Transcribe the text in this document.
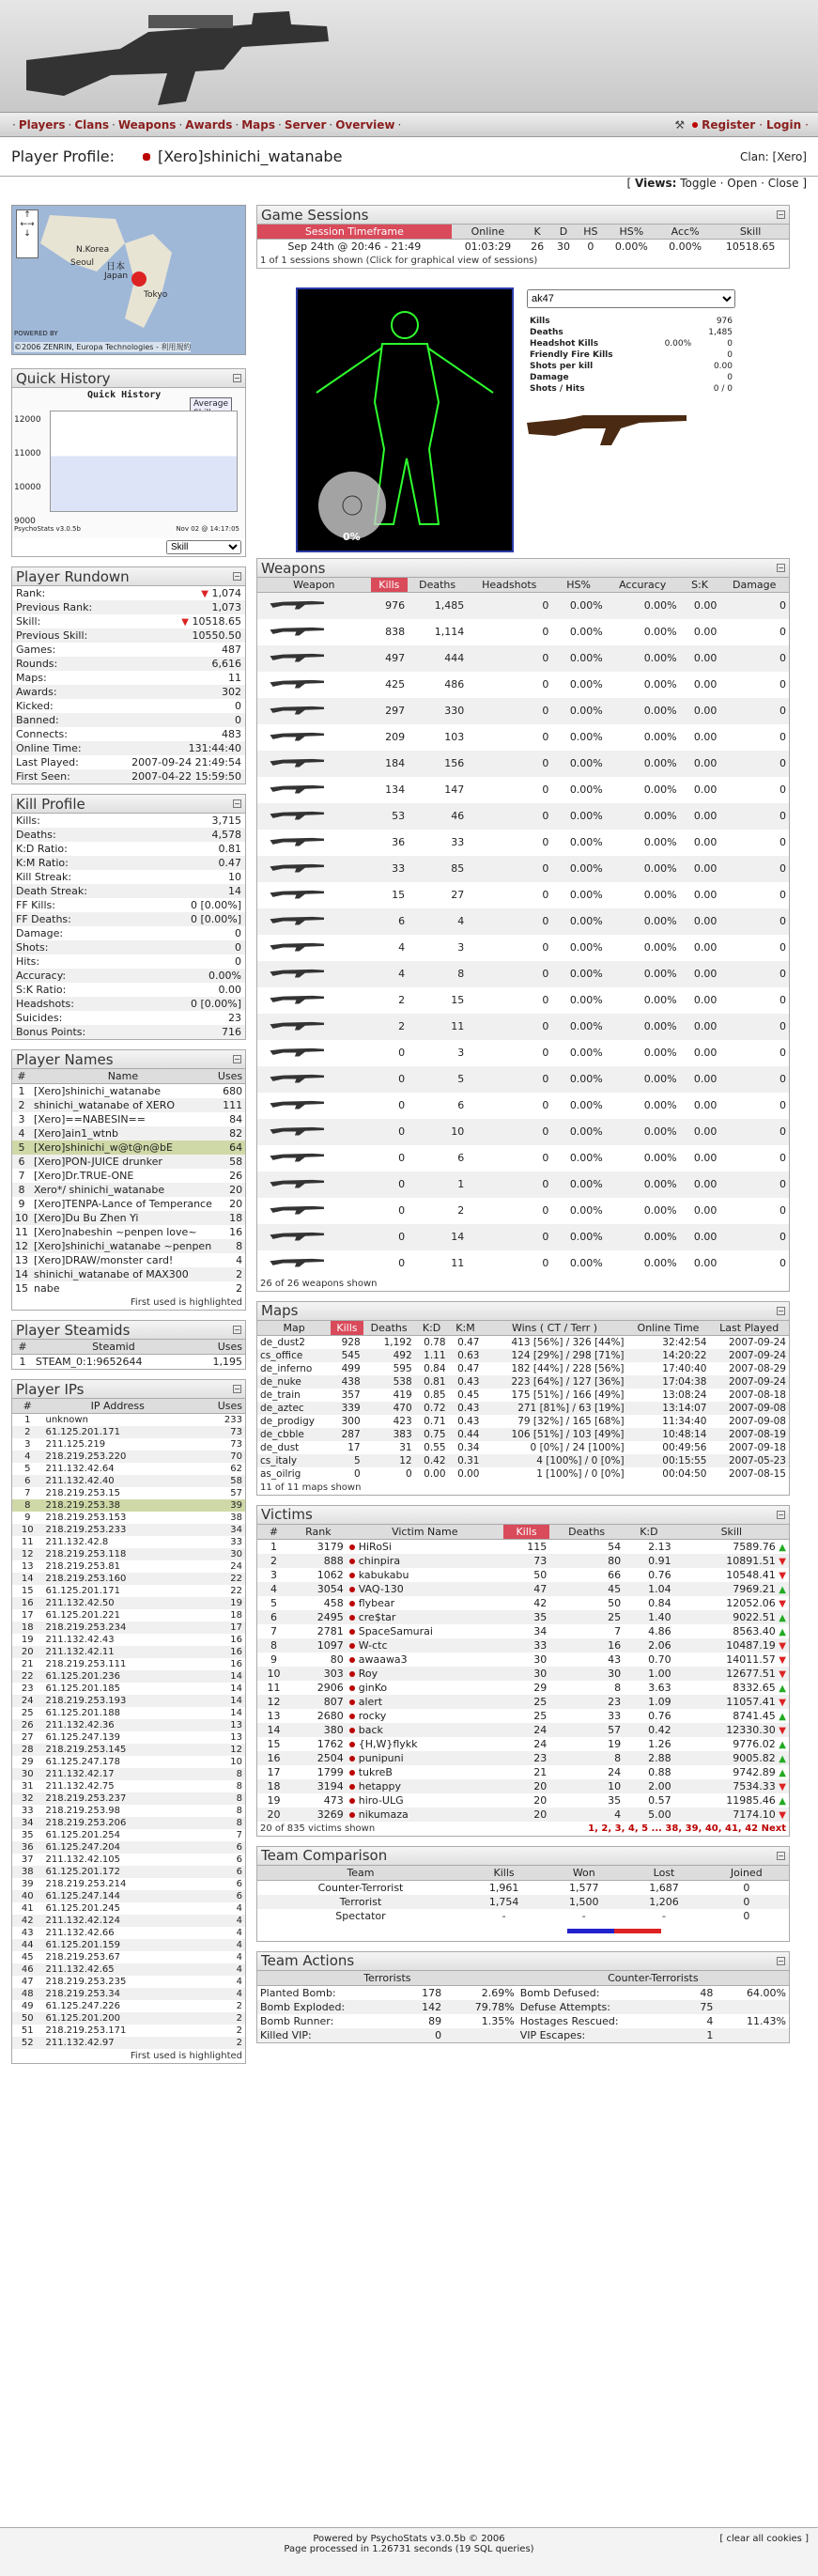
· Players · Clans · Weapons · Awards · Maps · Server · Overview ·	⚒ Register · Login ·
Player Profile:	[Xero]shinichi_watanabe	Clan: [Xero]
[ Views: Toggle · Open · Close ]
↑
←→
↓
N.Korea
Seoul 日本
Japan
Tokyo
POWERED BY
©2006 ZENRIN, Europa Technologies - 利用規約
Quick History	−
Quick History
Average
12000
11000
10000
9000
PsychoStats v3.0.5b	Nov 02 @ 14:17:05
Skill
Player Rundown	−
Rank:	▼ 1,074
Previous Rank:	1,073
Skill:	▼ 10518.65
Previous Skill:	10550.50
Games:	487
Rounds:	6,616
Maps:	11
Awards:	302
Kicked:	0
Banned:	0
Connects:	483
Online Time:	131:44:40
Last Played:	2007-09-24 21:49:54
First Seen:	2007-04-22 15:59:50
Kill Profile	−
Kills:	3,715
Deaths:	4,578
K:D Ratio:	0.81
K:M Ratio:	0.47
Kill Streak:	10
Death Streak:	14
FF Kills:	0 [0.00%]
FF Deaths:	0 [0.00%]
Damage:	0
Shots:	0
Hits:	0
Accuracy:	0.00%
S:K Ratio:	0.00
Headshots:	0 [0.00%]
Suicides:	23
Bonus Points:	716
Player Names	−
#	Name	Uses
1	[Xero]shinichi_watanabe	680
2	shinichi_watanabe of XERO	111
3	[Xero]==NABESIN==	84
4	[Xero]ain1_wtnb	82
5	[Xero]shinichi_w@t@n@bE	64
6	[Xero]PON-JUICE drunker	58
7	[Xero]Dr.TRUE-ONE	26
8	Xero*/ shinichi_watanabe	20
9	[Xero]TENPA-Lance of Temperance	20
10	[Xero]Du Bu Zhen Yi	18
11	[Xero]nabeshin ~penpen love~	16
12	[Xero]shinichi_watanabe ~penpen	8
13	[Xero]DRAW/monster card!	4
14	shinichi_watanabe of MAX300	2
15	nabe	2
First used is highlighted
Player Steamids	−
#	Steamid	Uses
1	STEAM_0:1:9652644	1,195
Player IPs	−
#	IP Address	Uses
1	unknown	233
2	61.125.201.171	73
3	211.125.219	73
4	218.219.253.220	70
5	211.132.42.64	62
6	211.132.42.40	58
7	218.219.253.15	57
8	218.219.253.38	39
9	218.219.253.153	38
10	218.219.253.233	34
11	211.132.42.8	33
12	218.219.253.118	30
13	218.219.253.81	24
14	218.219.253.160	22
15	61.125.201.171	22
16	211.132.42.50	19
17	61.125.201.221	18
18	218.219.253.234	17
19	211.132.42.43	16
20	211.132.42.11	16
21	218.219.253.111	16
22	61.125.201.236	14
23	61.125.201.185	14
24	218.219.253.193	14
25	61.125.201.188	14
26	211.132.42.36	13
27	61.125.247.139	13
28	218.219.253.145	12
29	61.125.247.178	10
30	211.132.42.17	8
31	211.132.42.75	8
32	218.219.253.237	8
33	218.219.253.98	8
34	218.219.253.206	8
35	61.125.201.254	7
36	61.125.247.204	6
37	211.132.42.105	6
38	61.125.201.172	6
39	218.219.253.214	6
40	61.125.247.144	6
41	61.125.201.245	4
42	211.132.42.124	4
43	211.132.42.66	4
44	61.125.201.159	4
45	218.219.253.67	4
46	211.132.42.65	4
47	218.219.253.235	4
48	218.219.253.34	4
49	61.125.247.226	2
50	61.125.201.200	2
51	218.219.253.171	2
52	211.132.42.97	2
First used is highlighted
Game Sessions	−
Session Timeframe	Online	K	D	HS	HS%	Acc%	Skill
Sep 24th @ 20:46 - 21:49	01:03:29	26	30	0	0.00%	0.00%	10518.65
1 of 1 sessions shown (Click for graphical view of sessions)
0%
ak47
Kills		976
Deaths		1,485
Headshot Kills	0.00%	0
Friendly Fire Kills		0
Shots per kill		0.00
Damage		0
Shots / Hits		0 / 0
Weapons	−
Weapon	Kills	Deaths	Headshots	HS%	Accuracy	S:K	Damage
	976	1,485	0	0.00%	0.00%	0.00	0
	838	1,114	0	0.00%	0.00%	0.00	0
	497	444	0	0.00%	0.00%	0.00	0
	425	486	0	0.00%	0.00%	0.00	0
	297	330	0	0.00%	0.00%	0.00	0
	209	103	0	0.00%	0.00%	0.00	0
	184	156	0	0.00%	0.00%	0.00	0
	134	147	0	0.00%	0.00%	0.00	0
	53	46	0	0.00%	0.00%	0.00	0
	36	33	0	0.00%	0.00%	0.00	0
	33	85	0	0.00%	0.00%	0.00	0
	15	27	0	0.00%	0.00%	0.00	0
	6	4	0	0.00%	0.00%	0.00	0
	4	3	0	0.00%	0.00%	0.00	0
	4	8	0	0.00%	0.00%	0.00	0
	2	15	0	0.00%	0.00%	0.00	0
	2	11	0	0.00%	0.00%	0.00	0
	0	3	0	0.00%	0.00%	0.00	0
	0	5	0	0.00%	0.00%	0.00	0
	0	6	0	0.00%	0.00%	0.00	0
	0	10	0	0.00%	0.00%	0.00	0
	0	6	0	0.00%	0.00%	0.00	0
	0	1	0	0.00%	0.00%	0.00	0
	0	2	0	0.00%	0.00%	0.00	0
	0	14	0	0.00%	0.00%	0.00	0
	0	11	0	0.00%	0.00%	0.00	0
26 of 26 weapons shown
Maps	−
Map	Kills	Deaths	K:D	K:M	Wins ( CT / Terr )	Online Time	Last Played
de_dust2	928	1,192	0.78	0.47	413 [56%] / 326 [44%]	32:42:54	2007-09-24
cs_office	545	492	1.11	0.63	124 [29%] / 298 [71%]	14:20:22	2007-09-24
de_inferno	499	595	0.84	0.47	182 [44%] / 228 [56%]	17:40:40	2007-08-29
de_nuke	438	538	0.81	0.43	223 [64%] / 127 [36%]	17:04:38	2007-09-24
de_train	357	419	0.85	0.45	175 [51%] / 166 [49%]	13:08:24	2007-08-18
de_aztec	339	470	0.72	0.43	271 [81%] / 63 [19%]	13:14:07	2007-09-08
de_prodigy	300	423	0.71	0.43	79 [32%] / 165 [68%]	11:34:40	2007-09-08
de_cbble	287	383	0.75	0.44	106 [51%] / 103 [49%]	10:48:14	2007-08-19
de_dust	17	31	0.55	0.34	0 [0%] / 24 [100%]	00:49:56	2007-09-18
cs_italy	5	12	0.42	0.31	4 [100%] / 0 [0%]	00:15:55	2007-05-23
as_oilrig	0	0	0.00	0.00	1 [100%] / 0 [0%]	00:04:50	2007-08-15
11 of 11 maps shown
Victims	−
#	Rank	Victim Name	Kills	Deaths	K:D	Skill
1	3179	HiRoSi	115	54	2.13	7589.76 ▲
2	888	chinpira	73	80	0.91	10891.51 ▼
3	1062	kabukabu	50	66	0.76	10548.41 ▼
4	3054	VAQ-130	47	45	1.04	7969.21 ▲
5	458	flybear	42	50	0.84	12052.06 ▼
6	2495	cre$tar	35	25	1.40	9022.51 ▲
7	2781	SpaceSamurai	34	7	4.86	8563.40 ▲
8	1097	W-ctc	33	16	2.06	10487.19 ▼
9	80	awaawa3	30	43	0.70	14011.57 ▼
10	303	Roy	30	30	1.00	12677.51 ▼
11	2906	ginKo	29	8	3.63	8332.65 ▲
12	807	alert	25	23	1.09	11057.41 ▼
13	2680	rocky	25	33	0.76	8741.45 ▲
14	380	back	24	57	0.42	12330.30 ▼
15	1762	{H,W}flykk	24	19	1.26	9776.02 ▲
16	2504	punipuni	23	8	2.88	9005.82 ▲
17	1799	tukreB	21	24	0.88	9742.89 ▲
18	3194	hetappy	20	10	2.00	7534.33 ▼
19	473	hiro-ULG	20	35	0.57	11985.46 ▲
20	3269	nikumaza	20	4	5.00	7174.10 ▼
20 of 835 victims shown	1, 2, 3, 4, 5 ... 38, 39, 40, 41, 42 Next
Team Comparison	−
Team	Kills	Won	Lost	Joined
Counter-Terrorist	1,961	1,577	1,687	0
Terrorist	1,754	1,500	1,206	0
Spectator	-	-	-	0
Team Actions	−
Terrorists			Counter-Terrorists		
Planted Bomb:	178	2.69%	Bomb Defused:	48	64.00%
Bomb Exploded:	142	79.78%	Defuse Attempts:	75	
Bomb Runner:	89	1.35%	Hostages Rescued:	4	11.43%
Killed VIP:	0		VIP Escapes:	1	
Powered by PsychoStats v3.0.5b © 2006
Page processed in 1.26731 seconds (19 SQL queries)
[ clear all cookies ]
